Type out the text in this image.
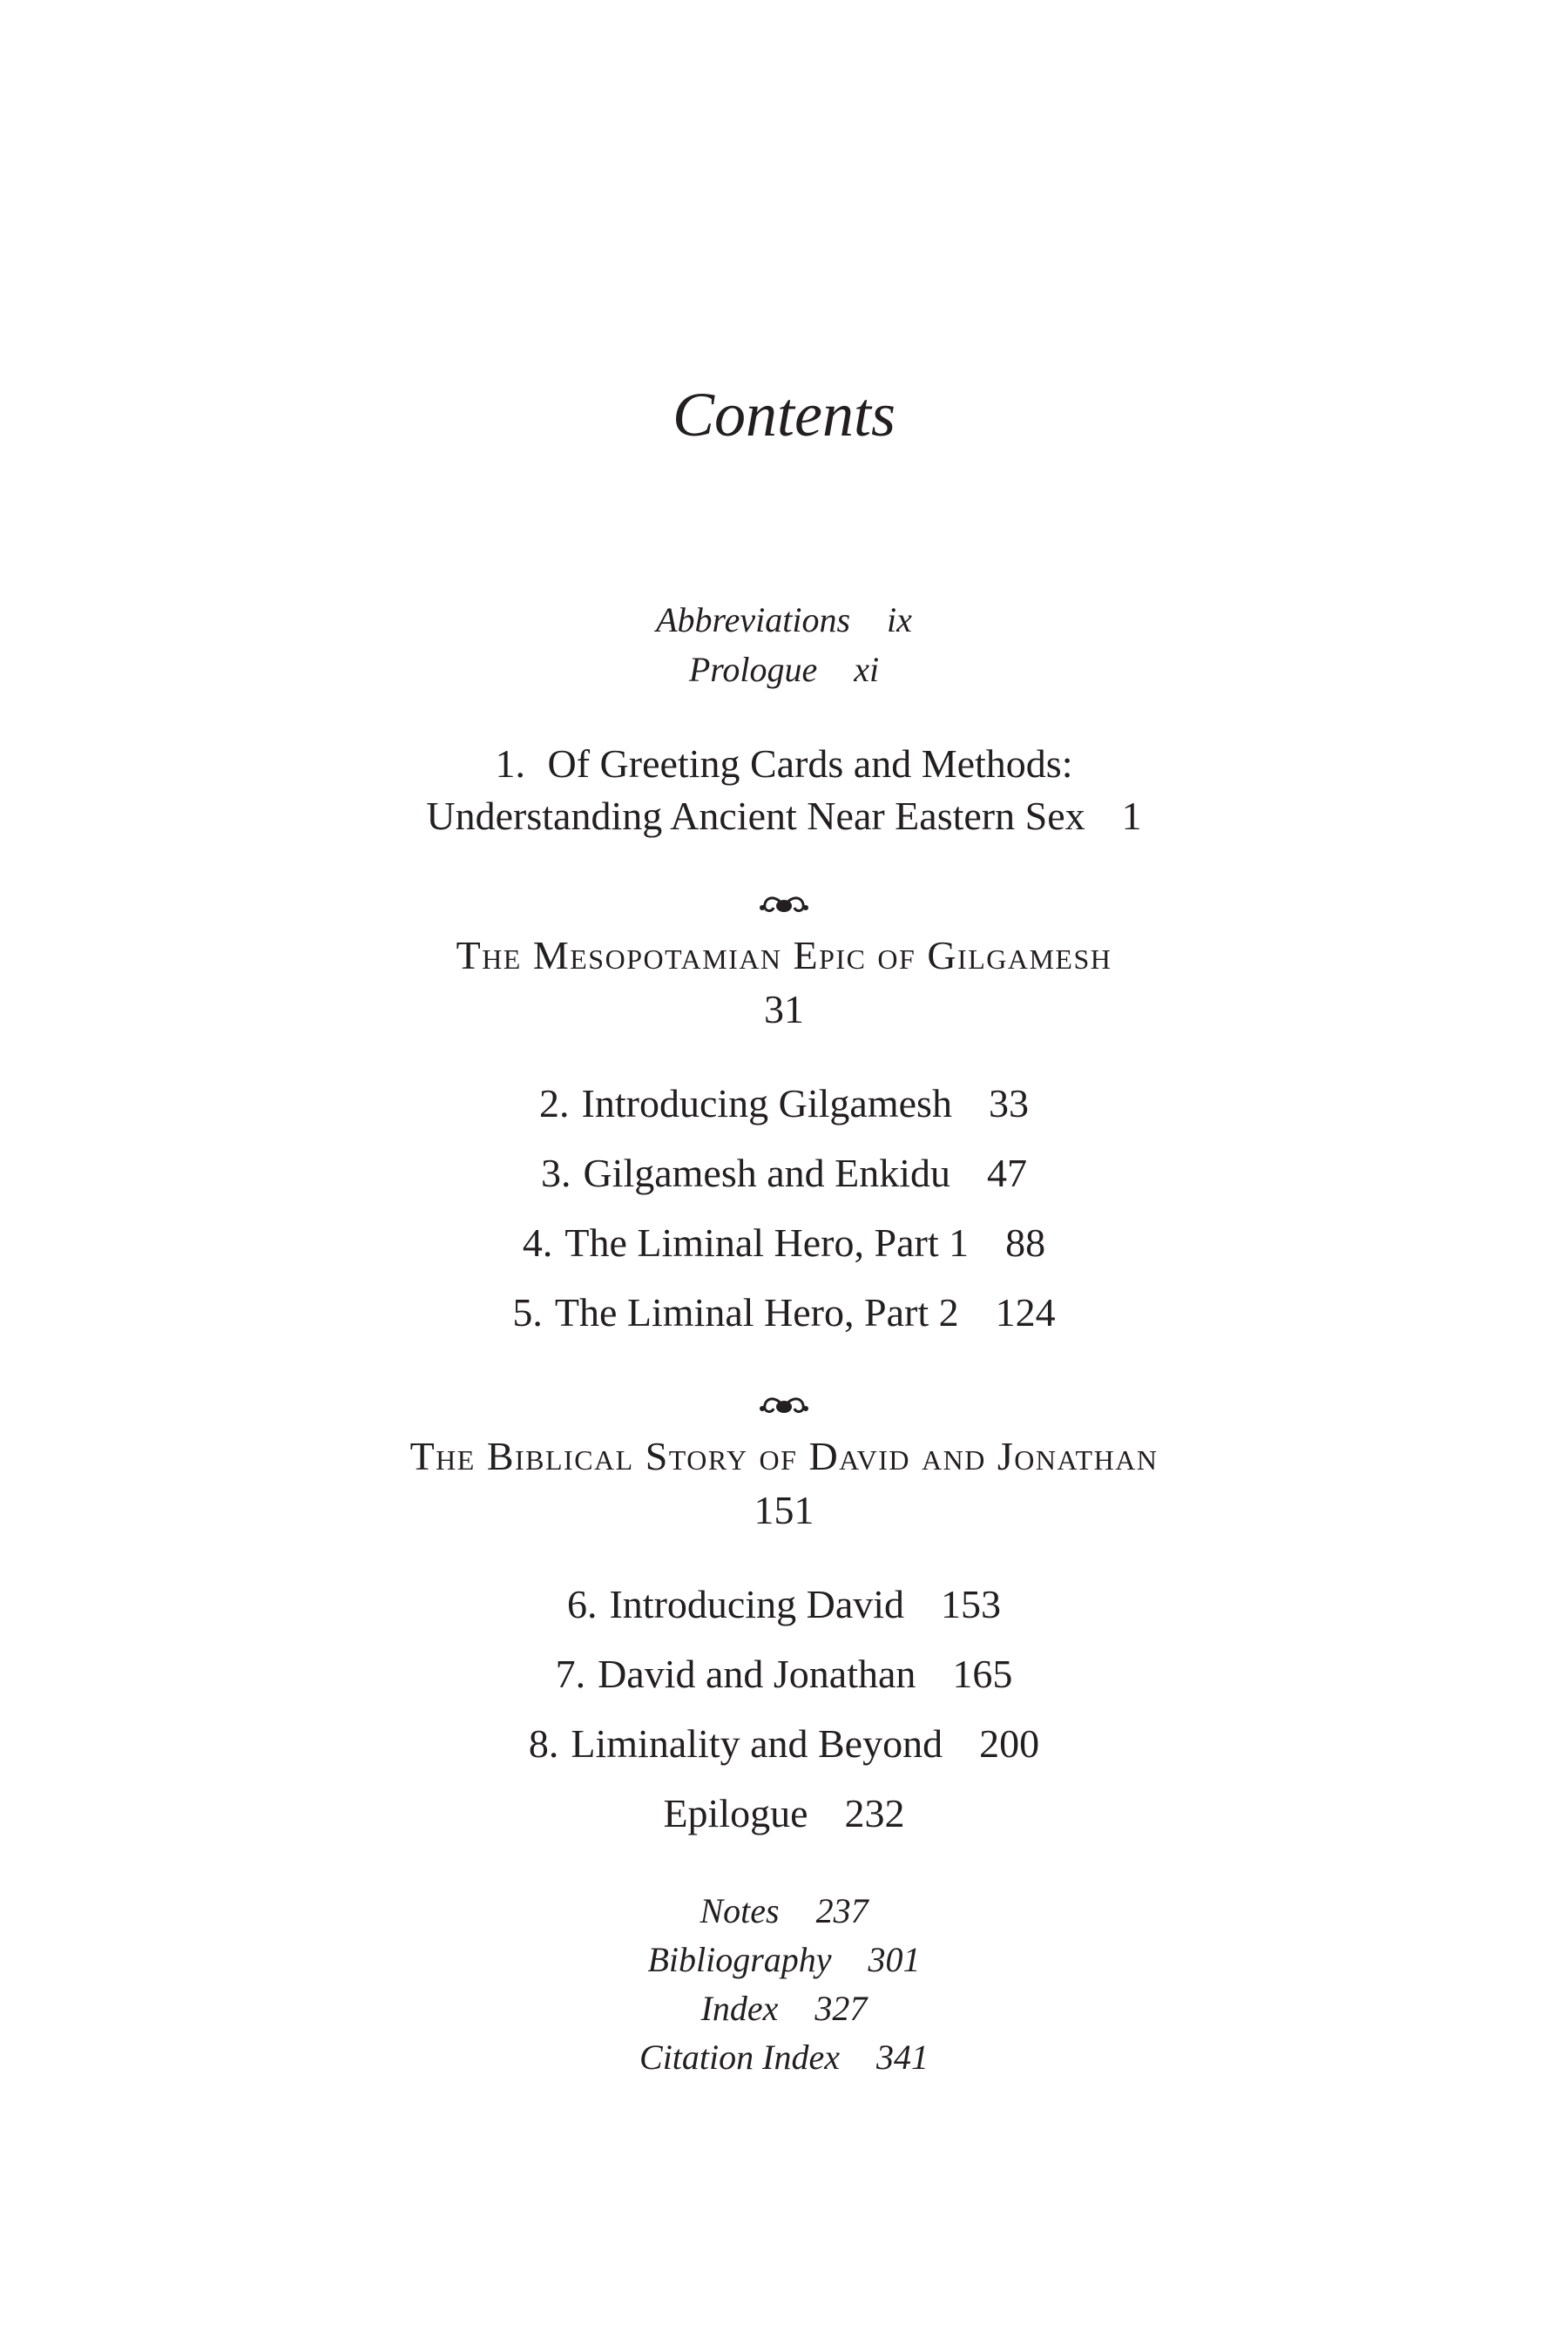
Contents
Abbreviations ix
Prologue xi
1. Of Greeting Cards and Methods:
Understanding Ancient Near Eastern Sex 1
The Mesopotamian Epic of Gilgamesh
31
2. Introducing Gilgamesh 33
3. Gilgamesh and Enkidu 47
4. The Liminal Hero, Part 1 88
5. The Liminal Hero, Part 2 124
The Biblical Story of David and Jonathan
151
6. Introducing David 153
7. David and Jonathan 165
8. Liminality and Beyond 200
Epilogue 232
Notes 237
Bibliography 301
Index 327
Citation Index 341
